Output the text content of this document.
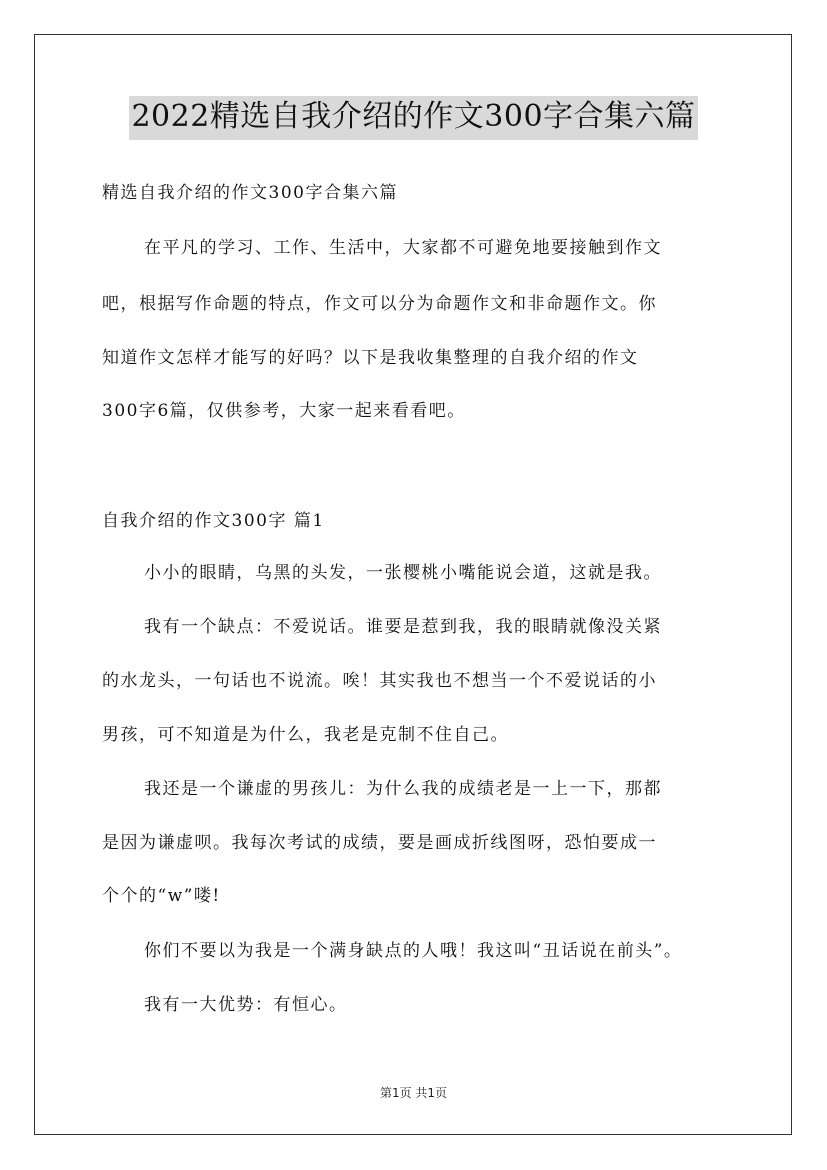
2022精选自我介绍的作文300字合集六篇
精选自我介绍的作文300字合集六篇
在平凡的学习、工作、生活中，大家都不可避免地要接触到作文
吧，根据写作命题的特点，作文可以分为命题作文和非命题作文。你
知道作文怎样才能写的好吗？以下是我收集整理的自我介绍的作文
300字6篇，仅供参考，大家一起来看看吧。
自我介绍的作文300字 篇1
小小的眼睛，乌黑的头发，一张樱桃小嘴能说会道，这就是我。
我有一个缺点：不爱说话。谁要是惹到我，我的眼睛就像没关紧
的水龙头，一句话也不说流。唉！其实我也不想当一个不爱说话的小
男孩，可不知道是为什么，我老是克制不住自己。
我还是一个谦虚的男孩儿：为什么我的成绩老是一上一下，那都
是因为谦虚呗。我每次考试的成绩，要是画成折线图呀，恐怕要成一
个个的“w”喽!
你们不要以为我是一个满身缺点的人哦！我这叫“丑话说在前头”。
我有一大优势：有恒心。
第1页 共1页
